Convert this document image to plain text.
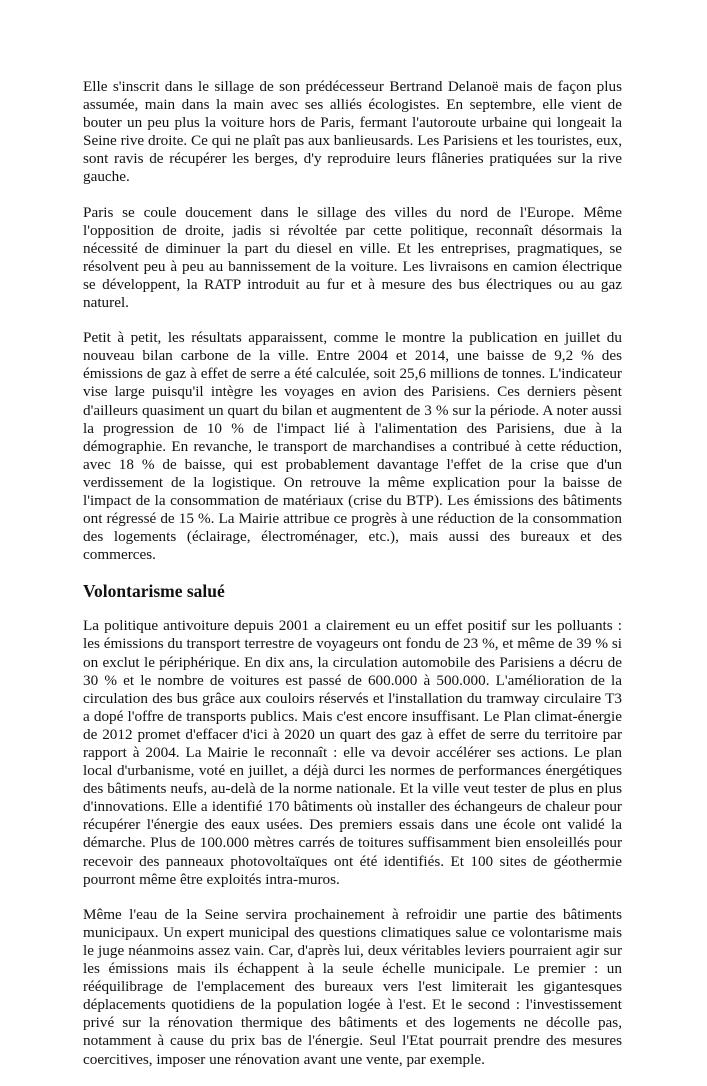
Elle s'inscrit dans le sillage de son prédécesseur Bertrand Delanoë mais de façon plus assumée, main dans la main avec ses alliés écologistes. En septembre, elle vient de bouter un peu plus la voiture hors de Paris, fermant l'autoroute urbaine qui longeait la Seine rive droite. Ce qui ne plaît pas aux banlieusards. Les Parisiens et les touristes, eux, sont ravis de récupérer les berges, d'y reproduire leurs flâneries pratiquées sur la rive gauche.

Paris se coule doucement dans le sillage des villes du nord de l'Europe. Même l'opposition de droite, jadis si révoltée par cette politique, reconnaît désormais la nécessité de diminuer la part du diesel en ville. Et les entreprises, pragmatiques, se résolvent peu à peu au bannissement de la voiture. Les livraisons en camion électrique se développent, la RATP introduit au fur et à mesure des bus électriques ou au gaz naturel.

Petit à petit, les résultats apparaissent, comme le montre la publication en juillet du nouveau bilan carbone de la ville. Entre 2004 et 2014, une baisse de 9,2 % des émissions de gaz à effet de serre a été calculée, soit 25,6 millions de tonnes. L'indicateur vise large puisqu'il intègre les voyages en avion des Parisiens. Ces derniers pèsent d'ailleurs quasiment un quart du bilan et augmentent de 3 % sur la période. A noter aussi la progression de 10 % de l'impact lié à l'alimentation des Parisiens, due à la démographie. En revanche, le transport de marchandises a contribué à cette réduction, avec 18 % de baisse, qui est probablement davantage l'effet de la crise que d'un verdissement de la logistique. On retrouve la même explication pour la baisse de l'impact de la consommation de matériaux (crise du BTP). Les émissions des bâtiments ont régressé de 15 %. La Mairie attribue ce progrès à une réduction de la consommation des logements (éclairage, électroménager, etc.), mais aussi des bureaux et des commerces.

Volontarisme salué

La politique antivoiture depuis 2001 a clairement eu un effet positif sur les polluants : les émissions du transport terrestre de voyageurs ont fondu de 23 %, et même de 39 % si on exclut le périphérique. En dix ans, la circulation automobile des Parisiens a décru de 30 % et le nombre de voitures est passé de 600.000 à 500.000. L'amélioration de la circulation des bus grâce aux couloirs réservés et l'installation du tramway circulaire T3 a dopé l'offre de transports publics. Mais c'est encore insuffisant. Le Plan climat-énergie de 2012 promet d'effacer d'ici à 2020 un quart des gaz à effet de serre du territoire par rapport à 2004. La Mairie le reconnaît : elle va devoir accélérer ses actions. Le plan local d'urbanisme, voté en juillet, a déjà durci les normes de performances énergétiques des bâtiments neufs, au-delà de la norme nationale. Et la ville veut tester de plus en plus d'innovations. Elle a identifié 170 bâtiments où installer des échangeurs de chaleur pour récupérer l'énergie des eaux usées. Des premiers essais dans une école ont validé la démarche. Plus de 100.000 mètres carrés de toitures suffisamment bien ensoleillés pour recevoir des panneaux photovoltaïques ont été identifiés. Et 100 sites de géothermie pourront même être exploités intra-muros.

Même l'eau de la Seine servira prochainement à refroidir une partie des bâtiments municipaux. Un expert municipal des questions climatiques salue ce volontarisme mais le juge néanmoins assez vain. Car, d'après lui, deux véritables leviers pourraient agir sur les émissions mais ils échappent à la seule échelle municipale. Le premier : un rééquilibrage de l'emplacement des bureaux vers l'est limiterait les gigantesques déplacements quotidiens de la population logée à l'est. Et le second : l'investissement privé sur la rénovation thermique des bâtiments et des logements ne décolle pas, notamment à cause du prix bas de l'énergie. Seul l'Etat pourrait prendre des mesures coercitives, imposer une rénovation avant une vente, par exemple.
